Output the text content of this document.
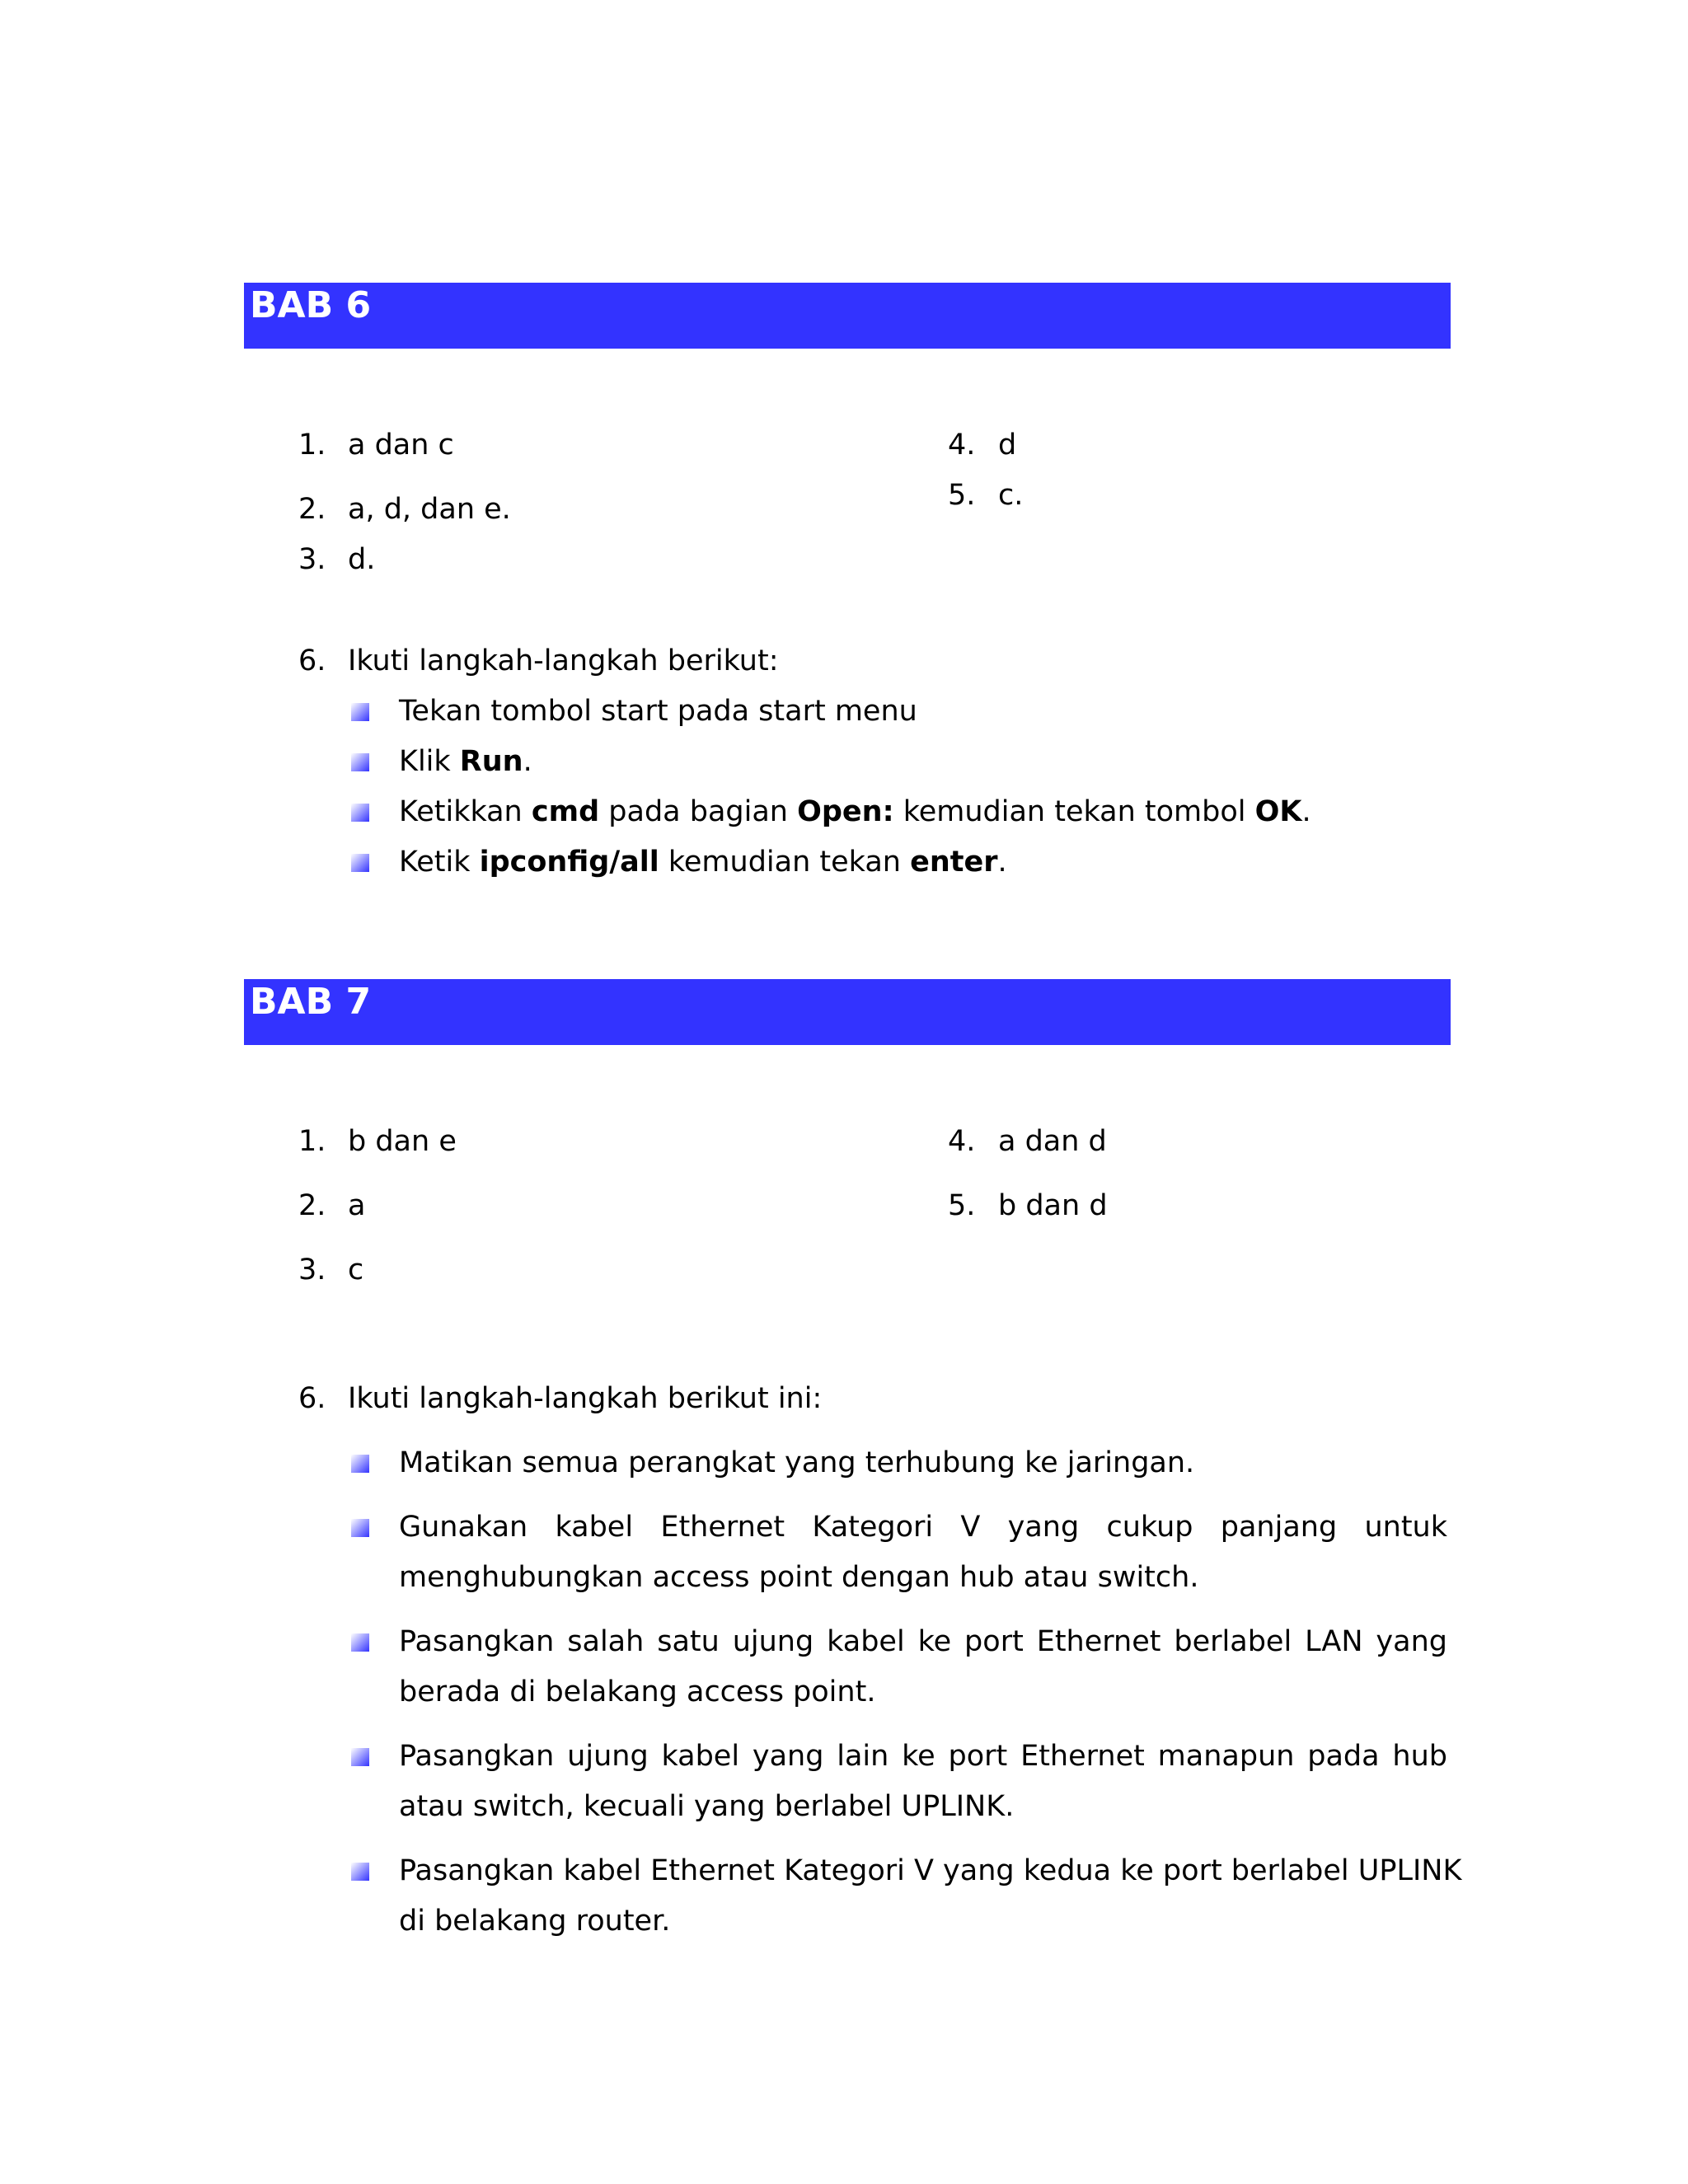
BAB 6
1. a dan c
2. a, d, dan e.
3. d.
4. d
5. c.
6. Ikuti langkah-langkah berikut:
Tekan tombol start pada start menu
Klik Run.
Ketikkan cmd pada bagian Open: kemudian tekan tombol OK.
Ketik ipconfig/all kemudian tekan enter.
BAB 7
1. b dan e
2. a
3. c
4. a dan d
5. b dan d
6. Ikuti langkah-langkah berikut ini:
Matikan semua perangkat yang terhubung ke jaringan.
Gunakan kabel Ethernet Kategori V yang cukup panjang untuk
menghubungkan access point dengan hub atau switch.
Pasangkan salah satu ujung kabel ke port Ethernet berlabel LAN yang
berada di belakang access point.
Pasangkan ujung kabel yang lain ke port Ethernet manapun pada hub
atau switch, kecuali yang berlabel UPLINK.
Pasangkan kabel Ethernet Kategori V yang kedua ke port berlabel UPLINK
di belakang router.
